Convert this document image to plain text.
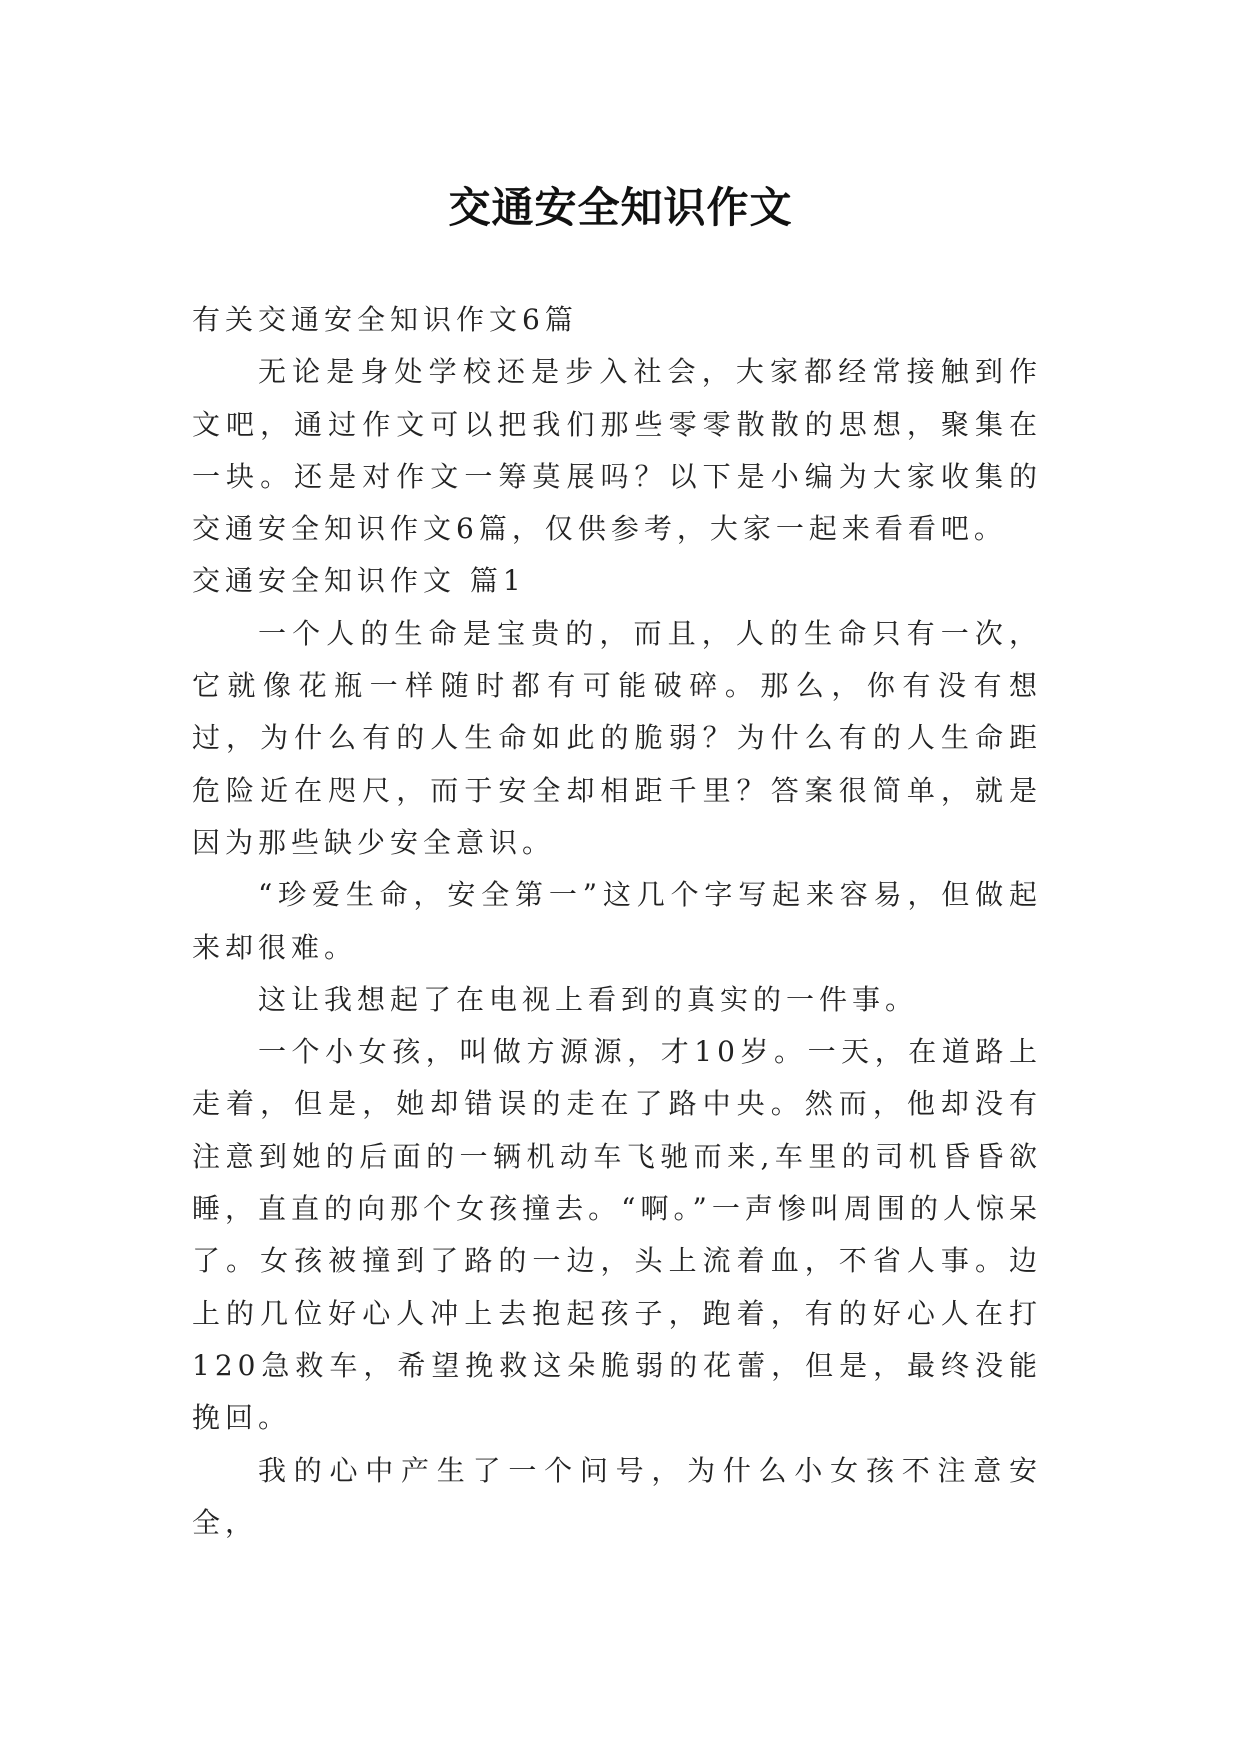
交通安全知识作文

有关交通安全知识作文6篇

无论是身处学校还是步入社会，大家都经常接触到作文吧，通过作文可以把我们那些零零散散的思想，聚集在一块。还是对作文一筹莫展吗？以下是小编为大家收集的交通安全知识作文6篇，仅供参考，大家一起来看看吧。

交通安全知识作文 篇1

一个人的生命是宝贵的，而且，人的生命只有一次，它就像花瓶一样随时都有可能破碎。那么，你有没有想过，为什么有的人生命如此的脆弱？为什么有的人生命距危险近在咫尺，而于安全却相距千里？答案很简单，就是因为那些缺少安全意识。

“珍爱生命，安全第一”这几个字写起来容易，但做起来却很难。

这让我想起了在电视上看到的真实的一件事。

一个小女孩，叫做方源源，才10岁。一天，在道路上走着，但是，她却错误的走在了路中央。然而，他却没有注意到她的后面的一辆机动车飞驰而来,车里的司机昏昏欲睡，直直的向那个女孩撞去。“啊。”一声惨叫周围的人惊呆了。女孩被撞到了路的一边，头上流着血，不省人事。边上的几位好心人冲上去抱起孩子，跑着，有的好心人在打120急救车，希望挽救这朵脆弱的花蕾，但是，最终没能挽回。

我的心中产生了一个问号，为什么小女孩不注意安全，
